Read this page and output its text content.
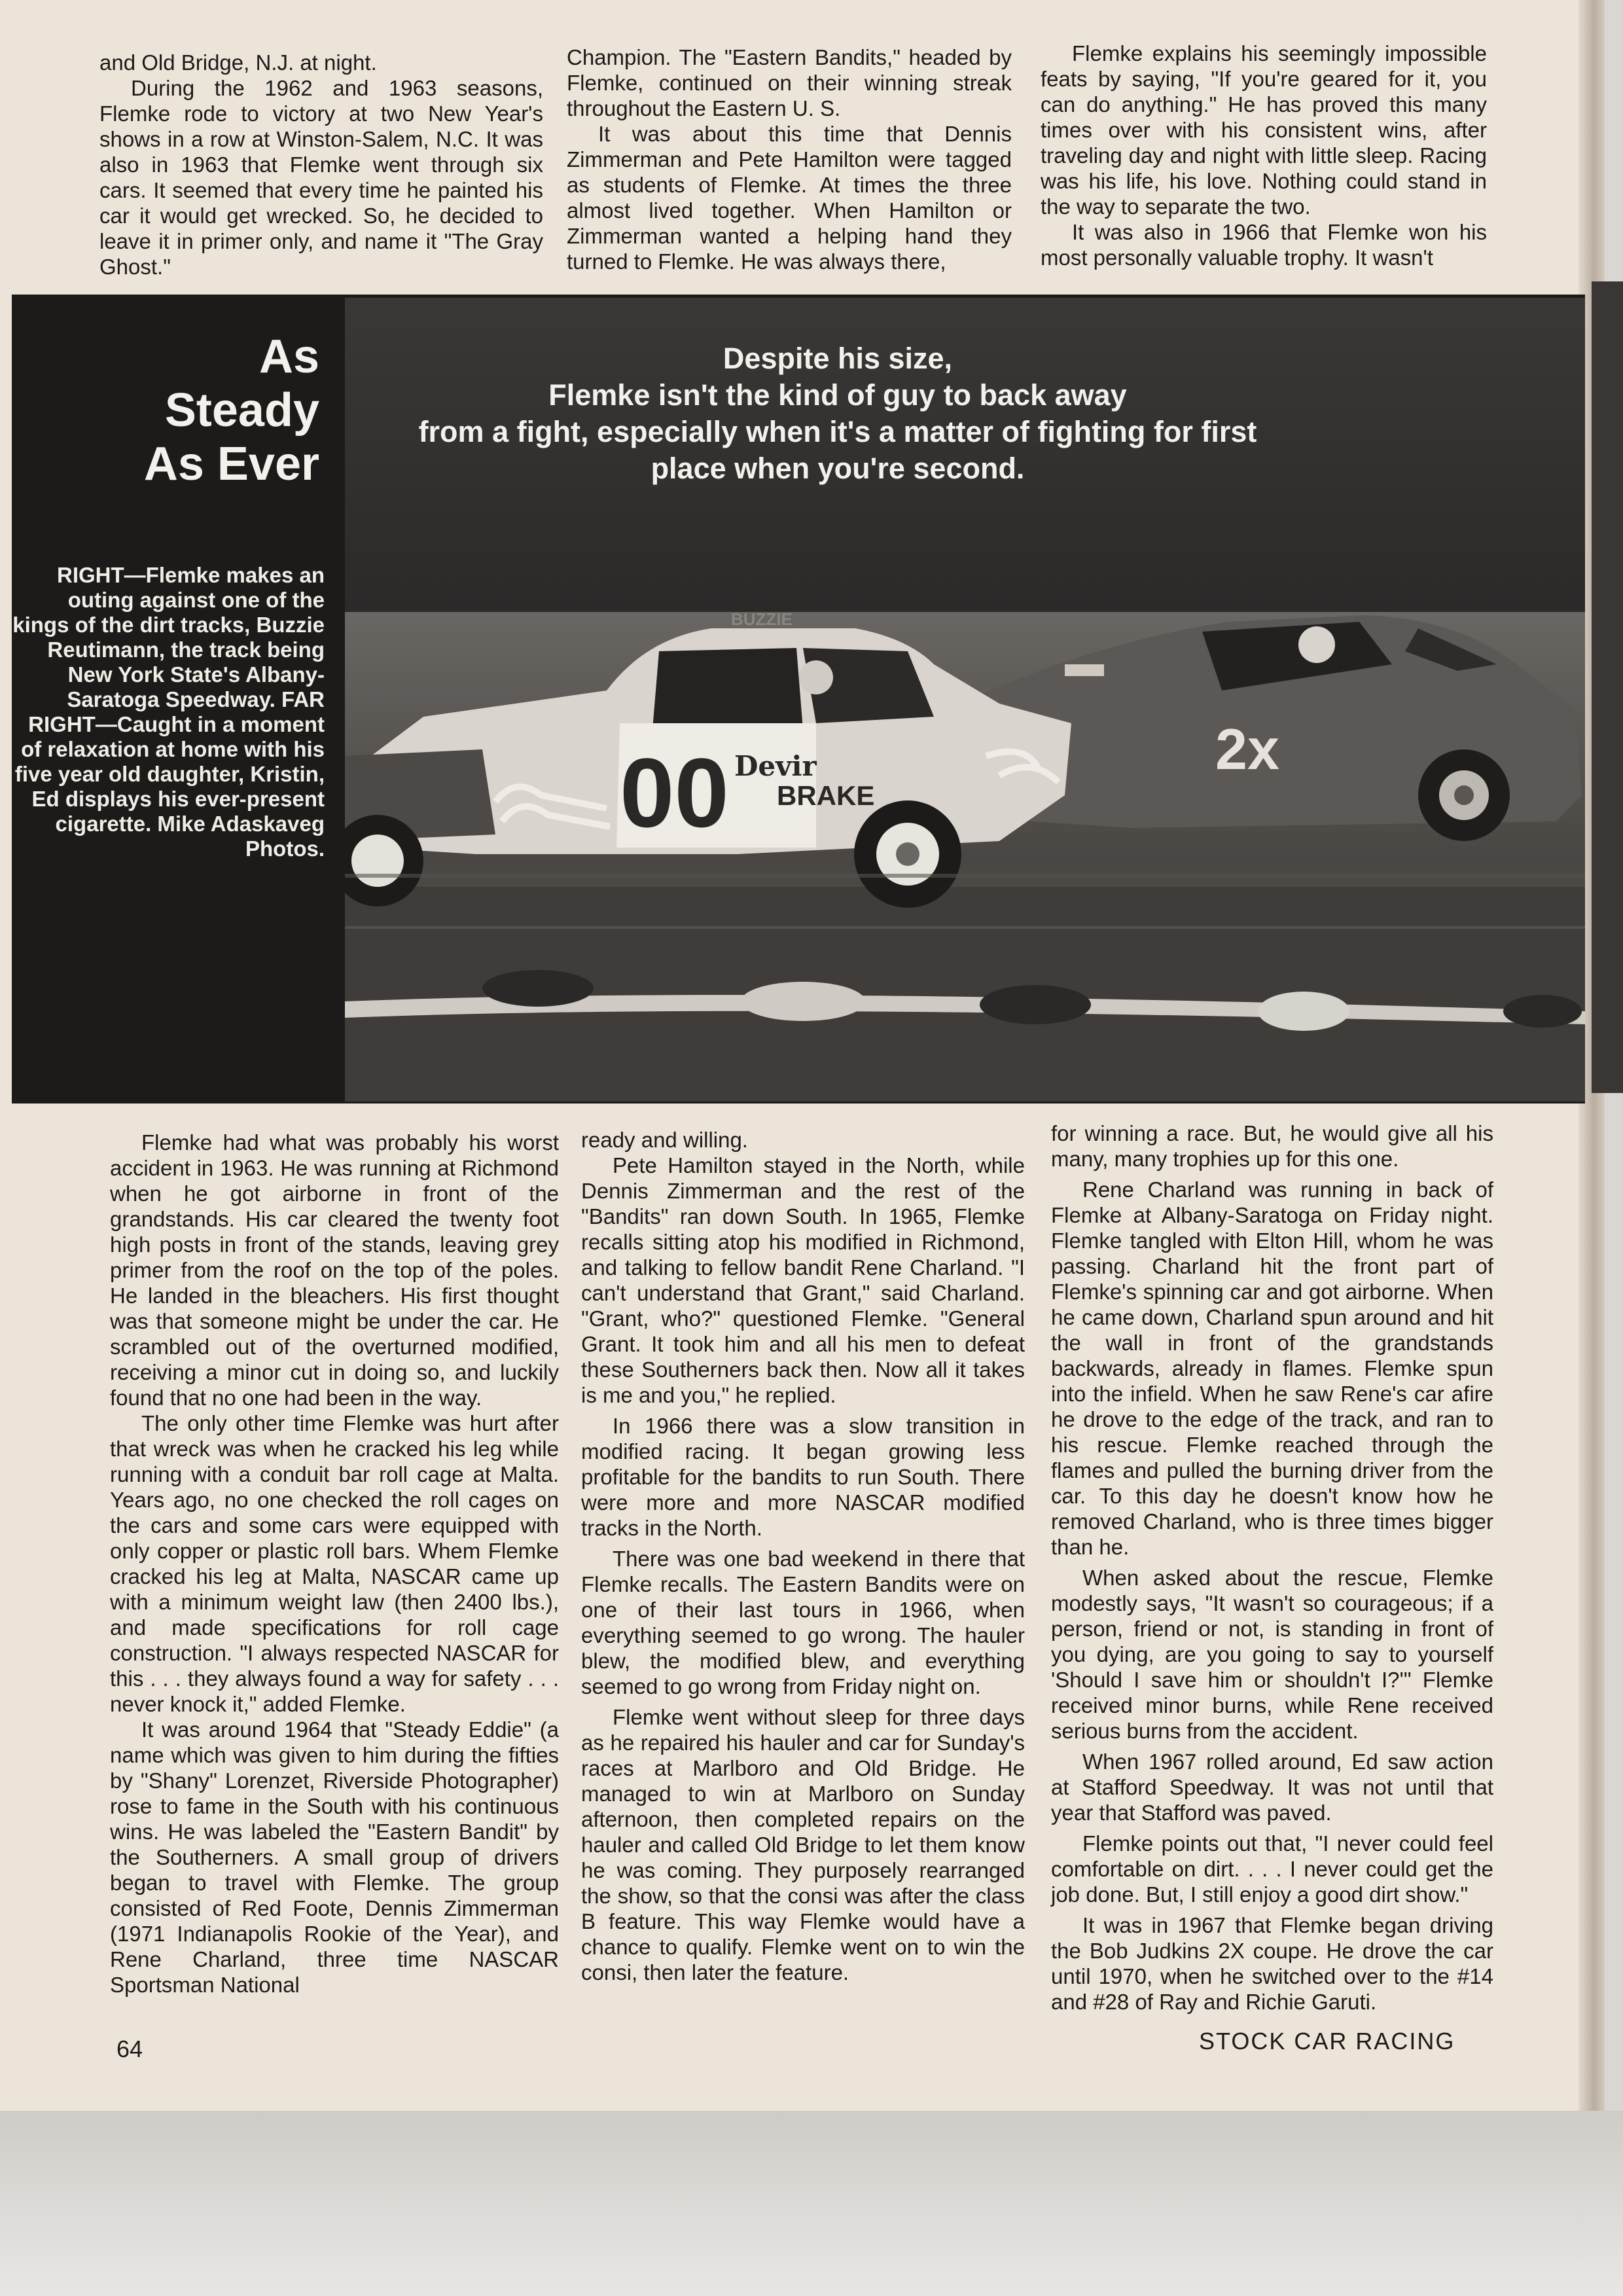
and Old Bridge, N.J. at night.

During the 1962 and 1963 seasons, Flemke rode to victory at two New Year's shows in a row at Winston-Salem, N.C. It was also in 1963 that Flemke went through six cars. It seemed that every time he painted his car it would get wrecked. So, he decided to leave it in primer only, and name it "The Gray Ghost."

Champion. The "Eastern Bandits," headed by Flemke, continued on their winning streak throughout the Eastern U. S.

It was about this time that Dennis Zimmerman and Pete Hamilton were tagged as students of Flemke. At times the three almost lived together. When Hamilton or Zimmerman wanted a helping hand they turned to Flemke. He was always there,

Flemke explains his seemingly impossible feats by saying, "If you're geared for it, you can do anything." He has proved this many times over with his consistent wins, after traveling day and night with little sleep. Racing was his life, his love. Nothing could stand in the way to separate the two.

It was also in 1966 that Flemke won his most personally valuable trophy. It wasn't

2x
00
BUZZIE
Devir
BRAKE
Despite his size,
Flemke isn't the kind of guy to back away
from a fight, especially when it's a matter of fighting for first
place when you're second.
As
Steady
As Ever
RIGHT—Flemke makes an outing against one of the kings of the dirt tracks, Buzzie Reutimann, the track being New York State's Albany-Saratoga Speedway. FAR RIGHT—Caught in a moment of relaxation at home with his five year old daughter, Kristin, Ed displays his ever-present cigarette. Mike Adaskaveg Photos.

Flemke had what was probably his worst accident in 1963. He was running at Richmond when he got airborne in front of the grandstands. His car cleared the twenty foot high posts in front of the stands, leaving grey primer from the roof on the top of the poles. He landed in the bleachers. His first thought was that someone might be under the car. He scrambled out of the overturned modified, receiving a minor cut in doing so, and luckily found that no one had been in the way.

The only other time Flemke was hurt after that wreck was when he cracked his leg while running with a conduit bar roll cage at Malta. Years ago, no one checked the roll cages on the cars and some cars were equipped with only copper or plastic roll bars. Whem Flemke cracked his leg at Malta, NASCAR came up with a minimum weight law (then 2400 lbs.), and made specifications for roll cage construction. "I always respected NASCAR for this . . . they always found a way for safety . . . never knock it," added Flemke.

It was around 1964 that "Steady Eddie" (a name which was given to him during the fifties by "Shany" Lorenzet, Riverside Photographer) rose to fame in the South with his continuous wins. He was labeled the "Eastern Bandit" by the Southerners. A small group of drivers began to travel with Flemke. The group consisted of Red Foote, Dennis Zimmerman (1971 Indianapolis Rookie of the Year), and Rene Charland, three time NASCAR Sportsman National

ready and willing.

Pete Hamilton stayed in the North, while Dennis Zimmerman and the rest of the "Bandits" ran down South. In 1965, Flemke recalls sitting atop his modified in Richmond, and talking to fellow bandit Rene Charland. "I can't understand that Grant," said Charland. "Grant, who?" questioned Flemke. "General Grant. It took him and all his men to defeat these Southerners back then. Now all it takes is me and you," he replied.

In 1966 there was a slow transition in modified racing. It began growing less profitable for the bandits to run South. There were more and more NASCAR modified tracks in the North.

There was one bad weekend in there that Flemke recalls. The Eastern Bandits were on one of their last tours in 1966, when everything seemed to go wrong. The hauler blew, the modified blew, and everything seemed to go wrong from Friday night on.

Flemke went without sleep for three days as he repaired his hauler and car for Sunday's races at Marlboro and Old Bridge. He managed to win at Marlboro on Sunday afternoon, then completed repairs on the hauler and called Old Bridge to let them know he was coming. They purposely rearranged the show, so that the consi was after the class B feature. This way Flemke would have a chance to qualify. Flemke went on to win the consi, then later the feature.

for winning a race. But, he would give all his many, many trophies up for this one.

Rene Charland was running in back of Flemke at Albany-Saratoga on Friday night. Flemke tangled with Elton Hill, whom he was passing. Charland hit the front part of Flemke's spinning car and got airborne. When he came down, Charland spun around and hit the wall in front of the grandstands backwards, already in flames. Flemke spun into the infield. When he saw Rene's car afire he drove to the edge of the track, and ran to his rescue. Flemke reached through the flames and pulled the burning driver from the car. To this day he doesn't know how he removed Charland, who is three times bigger than he.

When asked about the rescue, Flemke modestly says, "It wasn't so courageous; if a person, friend or not, is standing in front of you dying, are you going to say to yourself 'Should I save him or shouldn't I?'" Flemke received minor burns, while Rene received serious burns from the accident.

When 1967 rolled around, Ed saw action at Stafford Speedway. It was not until that year that Stafford was paved.

Flemke points out that, "I never could feel comfortable on dirt. . . . I never could get the job done. But, I still enjoy a good dirt show."

It was in 1967 that Flemke began driving the Bob Judkins 2X coupe. He drove the car until 1970, when he switched over to the #14 and #28 of Ray and Richie Garuti.

64	STOCK CAR RACING
